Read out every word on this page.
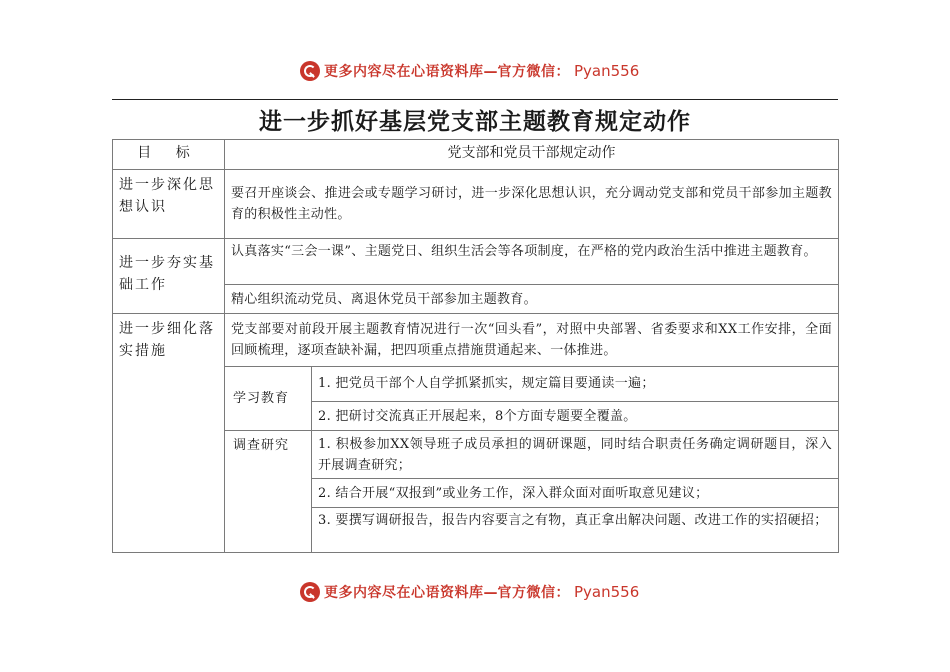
更多内容尽在心语资料库—官方微信： Pyan556
进一步抓好基层党支部主题教育规定动作
目 标	党支部和党员干部规定动作
进一步深化思想认识
要召开座谈会、推进会或专题学习研讨，进一步深化思想认识，充分调动党支部和党员干部参加主题教育的积极性主动性。
进一步夯实基础工作
认真落实“三会一课”、主题党日、组织生活会等各项制度，在严格的党内政治生活中推进主题教育。
精心组织流动党员、离退休党员干部参加主题教育。
进一步细化落实措施
党支部要对前段开展主题教育情况进行一次“回头看”，对照中央部署、省委要求和XX工作安排，全面回顾梳理，逐项查缺补漏，把四项重点措施贯通起来、一体推进。
学习教育
1. 把党员干部个人自学抓紧抓实，规定篇目要通读一遍；
2. 把研讨交流真正开展起来，8个方面专题要全覆盖。
调查研究	1. 积极参加XX领导班子成员承担的调研课题，同时结合职责任务确定调研题目，深入开展调查研究；
2. 结合开展“双报到”或业务工作，深入群众面对面听取意见建议；
3. 要撰写调研报告，报告内容要言之有物，真正拿出解决问题、改进工作的实招硬招；
更多内容尽在心语资料库—官方微信： Pyan556
